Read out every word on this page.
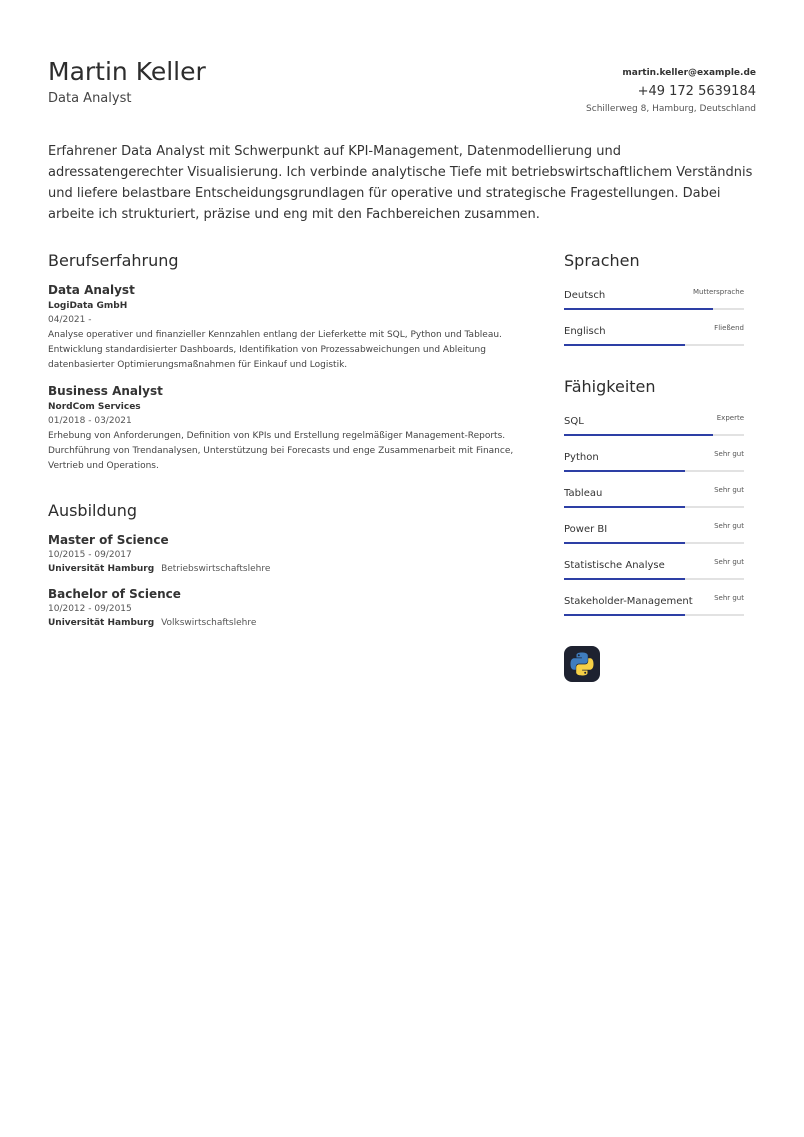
Martin Keller
Data Analyst
martin.keller@example.de
+49 172 5639184
Schillerweg 8, Hamburg, Deutschland
Erfahrener Data Analyst mit Schwerpunkt auf KPI-Management, Datenmodellierung und adressatengerechter Visualisierung. Ich verbinde analytische Tiefe mit betriebswirtschaftlichem Verständnis und liefere belastbare Entscheidungsgrundlagen für operative und strategische Fragestellungen. Dabei arbeite ich strukturiert, präzise und eng mit den Fachbereichen zusammen.
Berufserfahrung
Data Analyst
LogiData GmbH
04/2021 -
Analyse operativer und finanzieller Kennzahlen entlang der Lieferkette mit SQL, Python und Tableau. Entwicklung standardisierter Dashboards, Identifikation von Prozessabweichungen und Ableitung datenbasierter Optimierungsmaßnahmen für Einkauf und Logistik.
Business Analyst
NordCom Services
01/2018 - 03/2021
Erhebung von Anforderungen, Definition von KPIs und Erstellung regelmäßiger Management-Reports. Durchführung von Trendanalysen, Unterstützung bei Forecasts und enge Zusammenarbeit mit Finance, Vertrieb und Operations.
Ausbildung
Master of Science
10/2015 - 09/2017
Universität Hamburg Betriebswirtschaftslehre
Bachelor of Science
10/2012 - 09/2015
Universität Hamburg Volkswirtschaftslehre
Sprachen
Deutsch	Muttersprache
Englisch	Fließend
Fähigkeiten
SQL	Experte
Python	Sehr gut
Tableau	Sehr gut
Power BI	Sehr gut
Statistische Analyse	Sehr gut
Stakeholder-Management	Sehr gut
